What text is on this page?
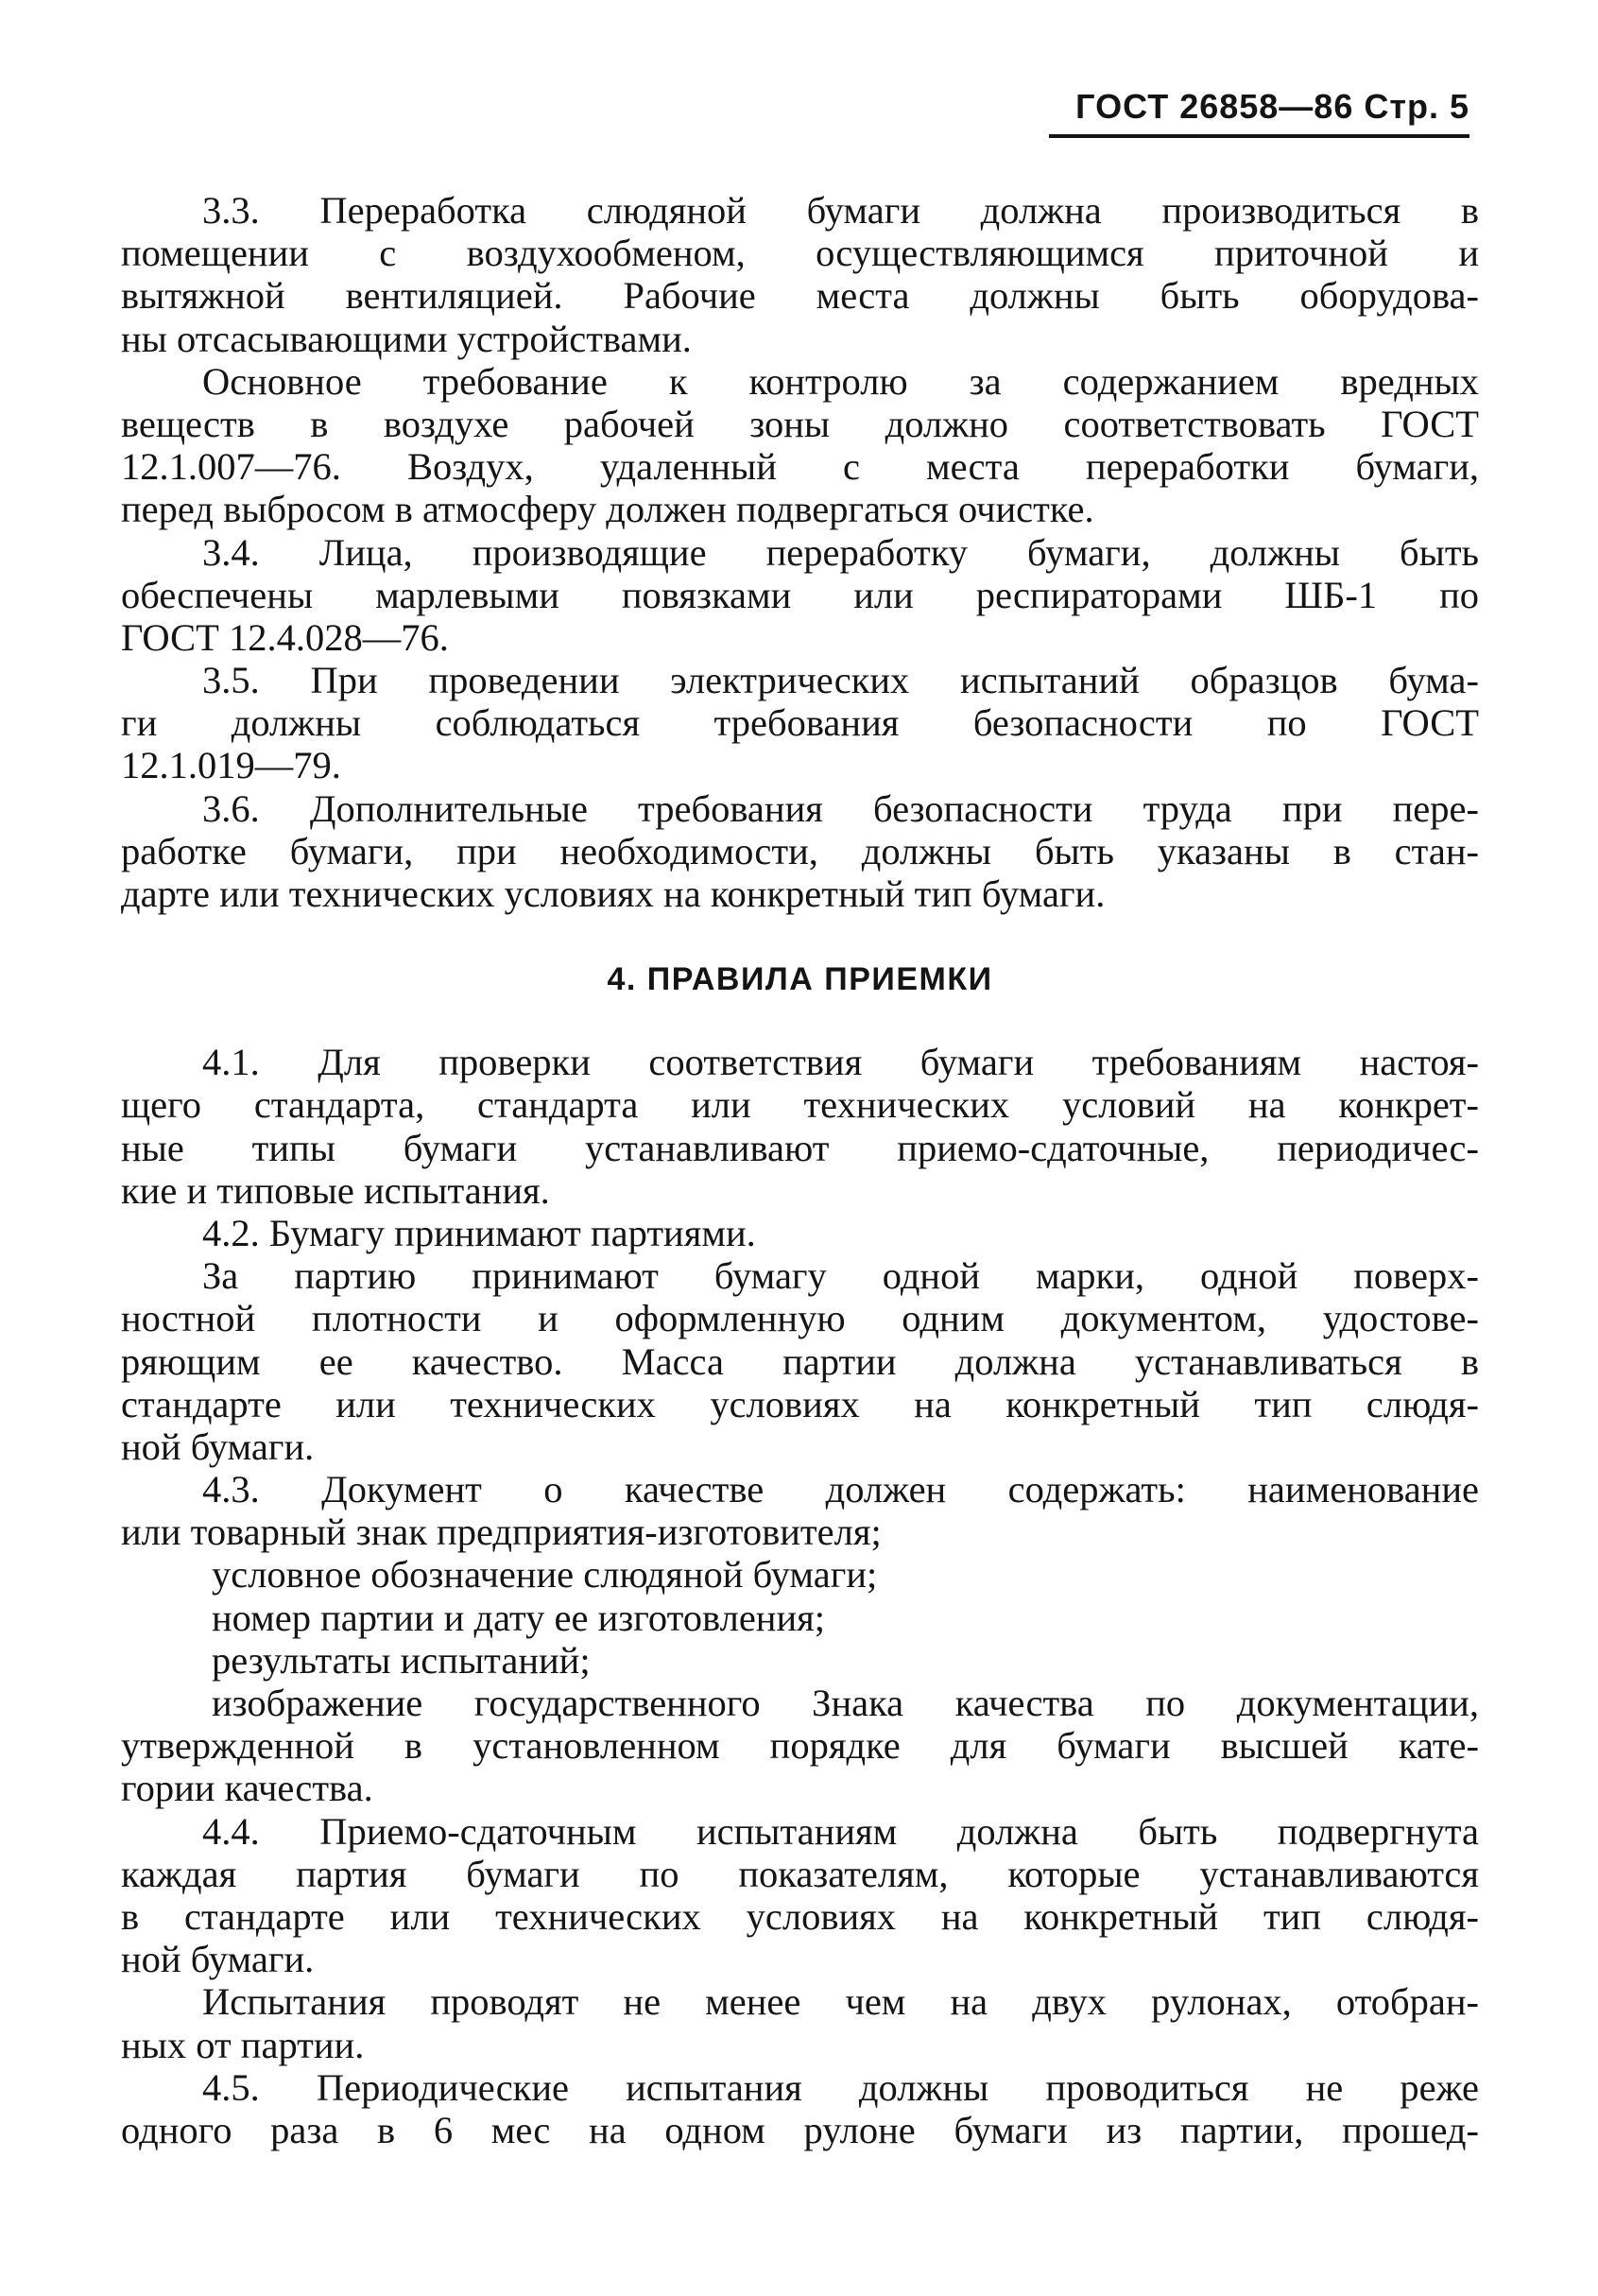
ГОСТ 26858—86 Стр. 5
3.3. Переработка слюдяной бумаги должна производиться в
помещении с воздухообменом, осуществляющимся приточной и
вытяжной вентиляцией. Рабочие места должны быть оборудова-
ны отсасывающими устройствами.
Основное требование к контролю за содержанием вредных
веществ в воздухе рабочей зоны должно соответствовать ГОСТ
12.1.007—76. Воздух, удаленный с места переработки бумаги,
перед выбросом в атмосферу должен подвергаться очистке.
3.4. Лица, производящие переработку бумаги, должны быть
обеспечены марлевыми повязками или респираторами ШБ-1 по
ГОСТ 12.4.028—76.
3.5. При проведении электрических испытаний образцов бума-
ги должны соблюдаться требования безопасности по ГОСТ
12.1.019—79.
3.6. Дополнительные требования безопасности труда при пере-
работке бумаги, при необходимости, должны быть указаны в стан-
дарте или технических условиях на конкретный тип бумаги.
4. ПРАВИЛА ПРИЕМКИ
4.1. Для проверки соответствия бумаги требованиям настоя-
щего стандарта, стандарта или технических условий на конкрет-
ные типы бумаги устанавливают приемо-сдаточные, периодичес-
кие и типовые испытания.
4.2. Бумагу принимают партиями.
За партию принимают бумагу одной марки, одной поверх-
ностной плотности и оформленную одним документом, удостове-
ряющим ее качество. Масса партии должна устанавливаться в
стандарте или технических условиях на конкретный тип слюдя-
ной бумаги.
4.3. Документ о качестве должен содержать: наименование
или товарный знак предприятия-изготовителя;
условное обозначение слюдяной бумаги;
номер партии и дату ее изготовления;
результаты испытаний;
изображение государственного Знака качества по документации,
утвержденной в установленном порядке для бумаги высшей кате-
гории качества.
4.4. Приемо-сдаточным испытаниям должна быть подвергнута
каждая партия бумаги по показателям, которые устанавливаются
в стандарте или технических условиях на конкретный тип слюдя-
ной бумаги.
Испытания проводят не менее чем на двух рулонах, отобран-
ных от партии.
4.5. Периодические испытания должны проводиться не реже
одного раза в 6 мес на одном рулоне бумаги из партии, прошед-
